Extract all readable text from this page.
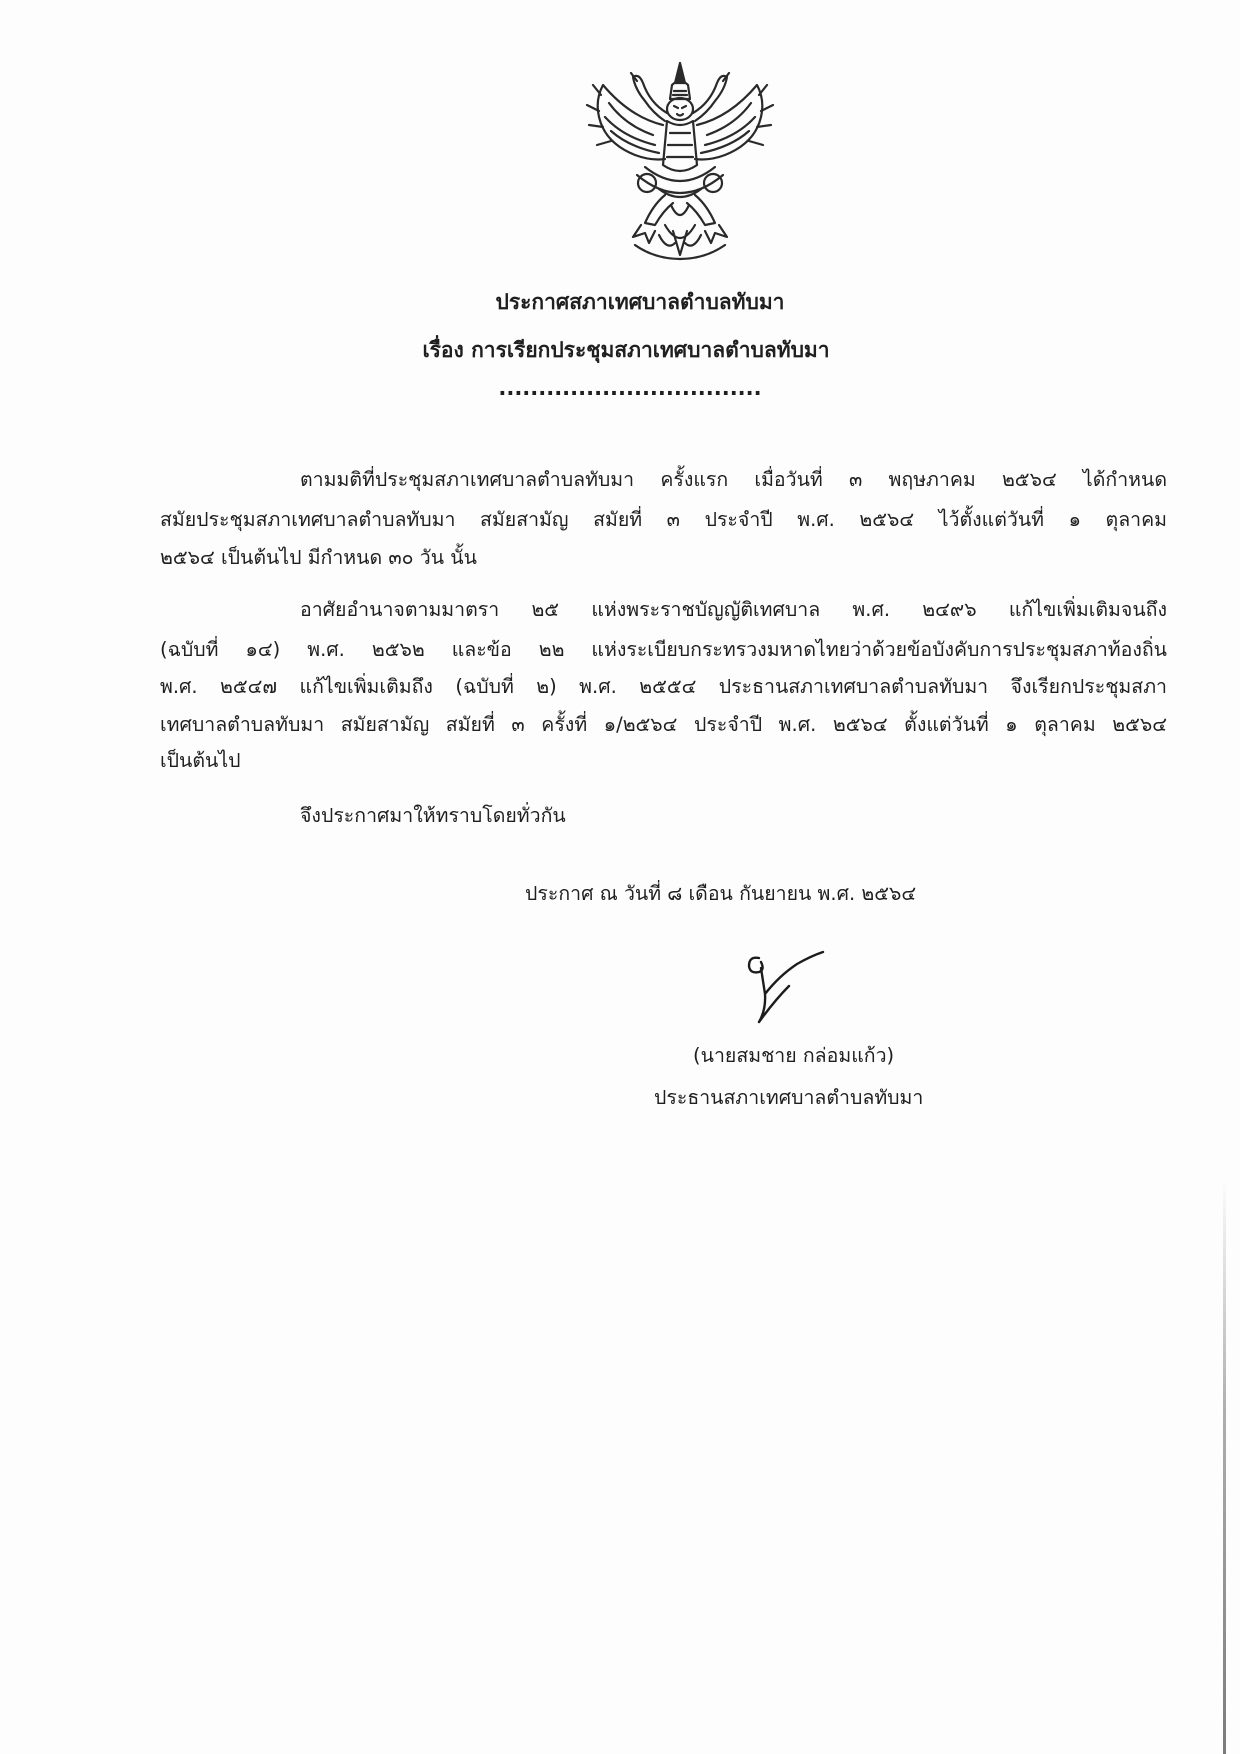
ประกาศสภาเทศบาลตำบลทับมา
เรื่อง การเรียกประชุมสภาเทศบาลตำบลทับมา
.................................
ตามมติที่ประชุมสภาเทศบาลตำบลทับมา ครั้งแรก เมื่อวันที่ ๓ พฤษภาคม ๒๕๖๔ ได้กำหนด
สมัยประชุมสภาเทศบาลตำบลทับมา สมัยสามัญ สมัยที่ ๓ ประจำปี พ.ศ. ๒๕๖๔ ไว้ตั้งแต่วันที่ ๑ ตุลาคม
๒๕๖๔ เป็นต้นไป มีกำหนด ๓๐ วัน นั้น
อาศัยอำนาจตามมาตรา ๒๕ แห่งพระราชบัญญัติเทศบาล พ.ศ. ๒๔๙๖ แก้ไขเพิ่มเติมจนถึง
(ฉบับที่ ๑๔) พ.ศ. ๒๕๖๒ และข้อ ๒๒ แห่งระเบียบกระทรวงมหาดไทยว่าด้วยข้อบังคับการประชุมสภาท้องถิ่น
พ.ศ. ๒๕๔๗ แก้ไขเพิ่มเติมถึง (ฉบับที่ ๒) พ.ศ. ๒๕๕๔ ประธานสภาเทศบาลตำบลทับมา จึงเรียกประชุมสภา
เทศบาลตำบลทับมา สมัยสามัญ สมัยที่ ๓ ครั้งที่ ๑/๒๕๖๔ ประจำปี พ.ศ. ๒๕๖๔ ตั้งแต่วันที่ ๑ ตุลาคม ๒๕๖๔
เป็นต้นไป
จึงประกาศมาให้ทราบโดยทั่วกัน
ประกาศ ณ วันที่ ๘ เดือน กันยายน พ.ศ. ๒๕๖๔
(นายสมชาย กล่อมแก้ว)
ประธานสภาเทศบาลตำบลทับมา
